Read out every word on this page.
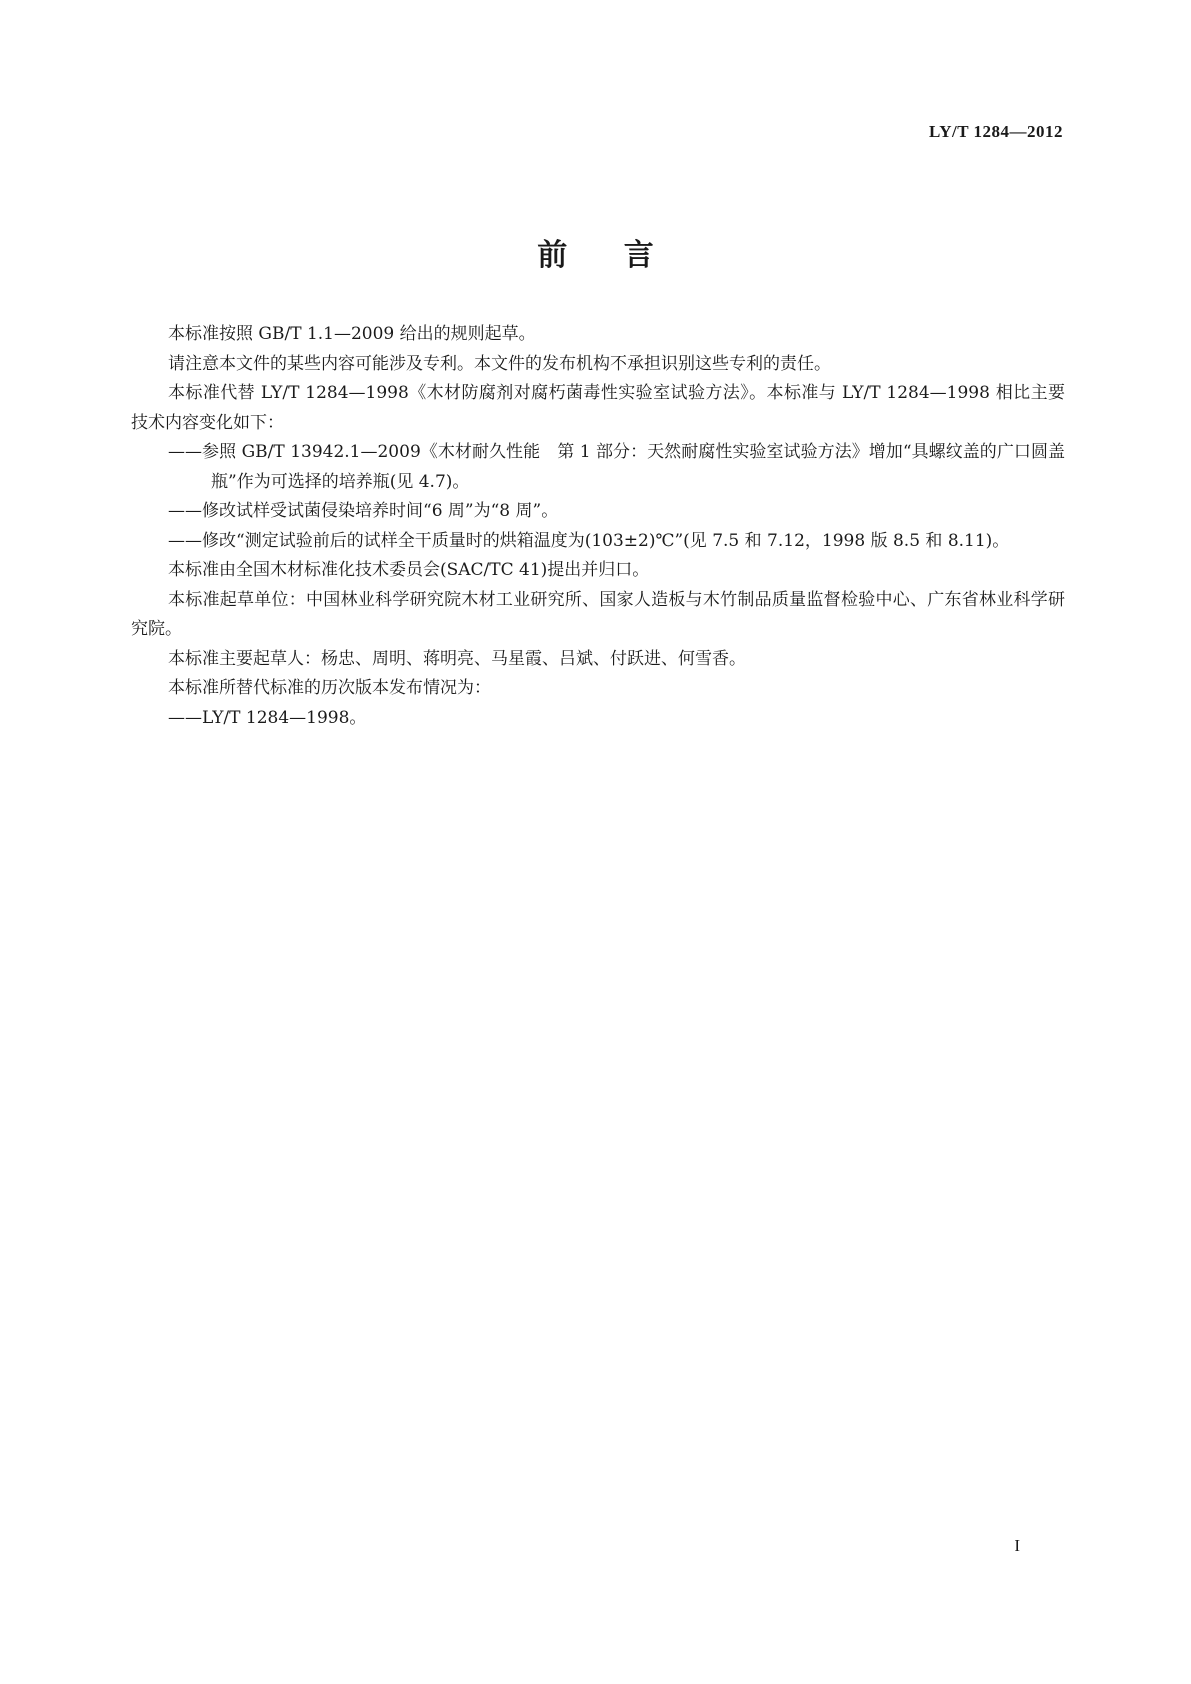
LY/T 1284—2012
前 言

本标准按照 GB/T 1.1—2009 给出的规则起草。

请注意本文件的某些内容可能涉及专利。本文件的发布机构不承担识别这些专利的责任。

本标准代替 LY/T 1284—1998《木材防腐剂对腐朽菌毒性实验室试验方法》。本标准与 LY/T 1284—1998 相比主要技术内容变化如下：

——参照 GB/T 13942.1—2009《木材耐久性能　第 1 部分：天然耐腐性实验室试验方法》增加“具螺纹盖的广口圆盖瓶”作为可选择的培养瓶(见 4.7)。

——修改试样受试菌侵染培养时间“6 周”为“8 周”。

——修改“测定试验前后的试样全干质量时的烘箱温度为(103±2)℃”(见 7.5 和 7.12，1998 版 8.5 和 8.11)。

本标准由全国木材标准化技术委员会(SAC/TC 41)提出并归口。

本标准起草单位：中国林业科学研究院木材工业研究所、国家人造板与木竹制品质量监督检验中心、广东省林业科学研究院。

本标准主要起草人：杨忠、周明、蒋明亮、马星霞、吕斌、付跃进、何雪香。

本标准所替代标准的历次版本发布情况为：

——LY/T 1284—1998。

I
